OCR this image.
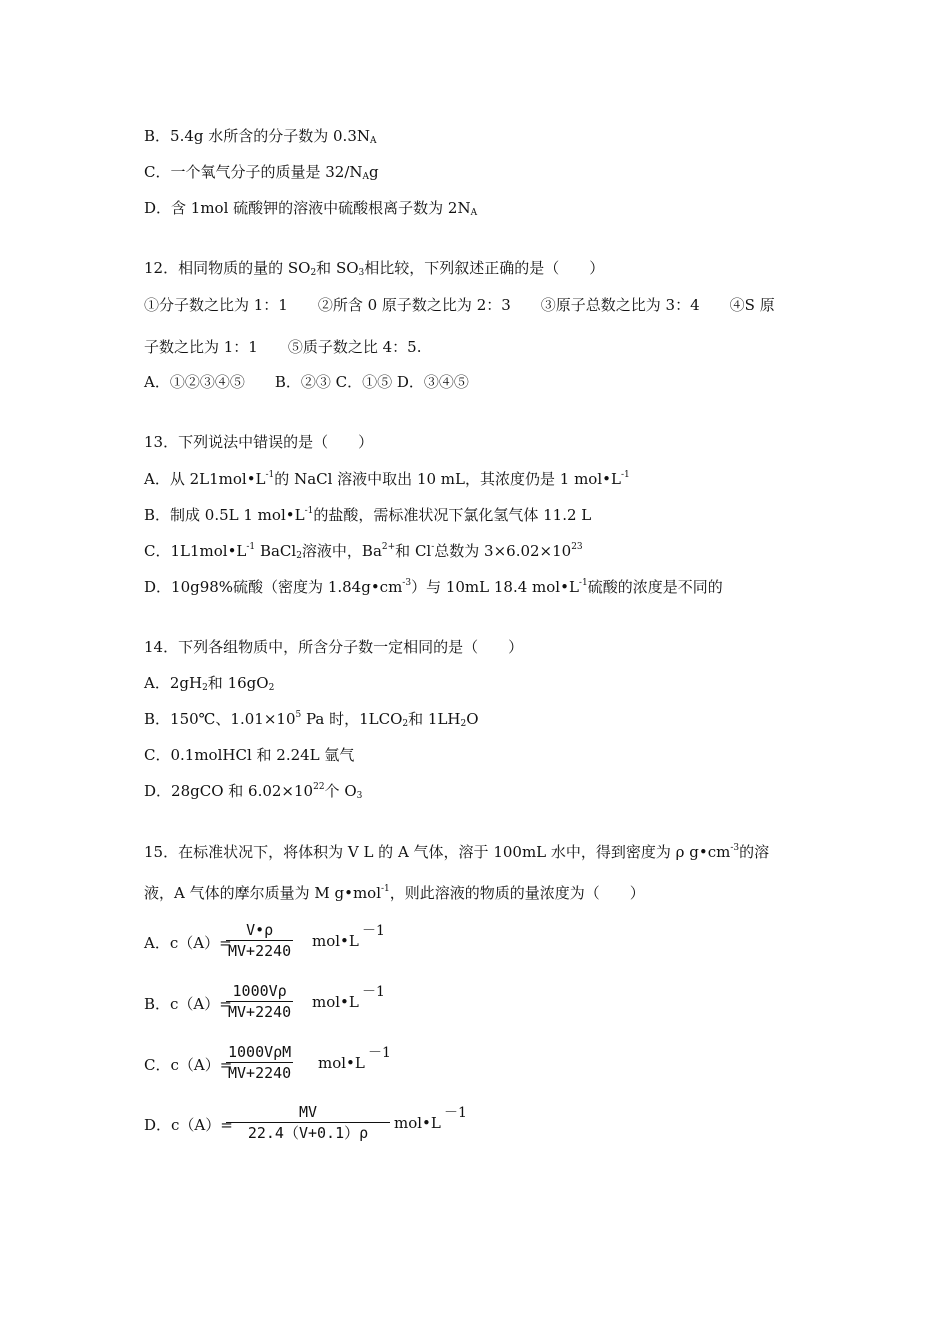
B．5.4g 水所含的分子数为 $0.3N_A$
C．一个氧气分子的质量是 $32/N_Ag$
D．含 1mol 硫酸钾的溶液中硫酸根离子数为 $2N_A$
12．相同物质的量的 $SO_2$和 $SO_3$相比较，下列叙述正确的是（　　）
①分子数之比为 1：1　　②所含 0 原子数之比为 2：3　　③原子总数之比为 3：4　　④S 原
子数之比为 1：1　　⑤质子数之比 4：5.
A．①②③④⑤　　B．②③ C．①⑤ D．③④⑤
13．下列说法中错误的是（　　）
A．从 $2L1mol•L^{-1}$的 NaCl 溶液中取出 10 mL，其浓度仍是 1 $mol•L^{-1}$
B．制成 0.5L 1 $mol•L^{-1}$的盐酸，需标准状况下氯化氢气体 11.2 L
C．$1L1mol•L^{-1}$ BaCl$_2$溶液中，$Ba^{2+}$和 Cl-总数为 $3\times 6.02\times 10^{23}$
D．10g98%硫酸（密度为 $1.84g•cm^{-3}$）与 10mL 18.4 $mol•L^{-1}$硫酸的浓度是不同的
14．下列各组物质中，所含分子数一定相同的是（　　）
A．$2gH_2$和 $16gO_2$
B．150℃、$1.01\times 10^5$ Pa 时，$1LCO_2$和 $1LH_2O$
C．0.1molHCl 和 2.24L 氩气
D．28gCO 和 $6.02\times 10^{22}$个 $O_3$
15．在标准状况下，将体积为 V L 的 A 气体，溶于 100mL 水中，得到密度为 ρ $g•cm^{-3}$的溶
液，A 气体的摩尔质量为 M g•mol$^{-1}$，则此溶液的物质的量浓度为（　　）
A．c（A）=
$\frac{V•\rho}{MV+2240}$ mol•L
－1
B．c（A）=
$\frac{1000V\rho}{MV+2240}$ mol•L
－1
C．c（A）=
1000VρM
MV+2240
mol•L
－1
D．c（A）=
$\frac{MV}{22.4(V+0.1)\rho}$ mol•L
－1
